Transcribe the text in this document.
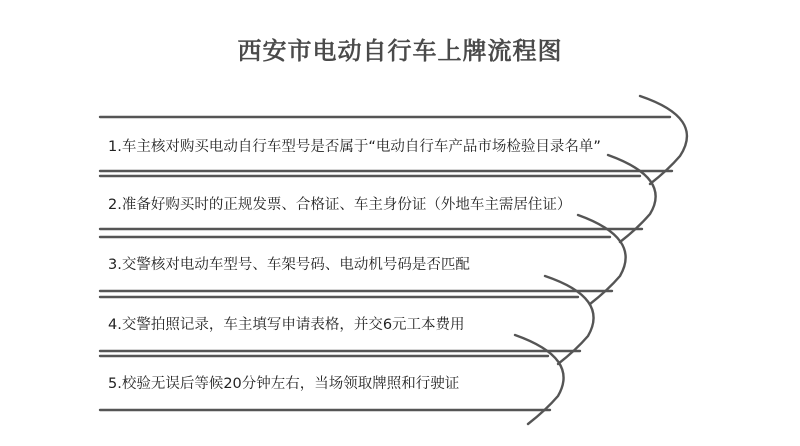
西安市电动自行车上牌流程图
1.车主核对购买电动自行车型号是否属于“电动自行车产品市场检验目录名单”
2.准备好购买时的正规发票、合格证、车主身份证（外地车主需居住证）
3.交警核对电动车型号、车架号码、电动机号码是否匹配
4.交警拍照记录，车主填写申请表格，并交6元工本费用
5.校验无误后等候20分钟左右，当场领取牌照和行驶证
